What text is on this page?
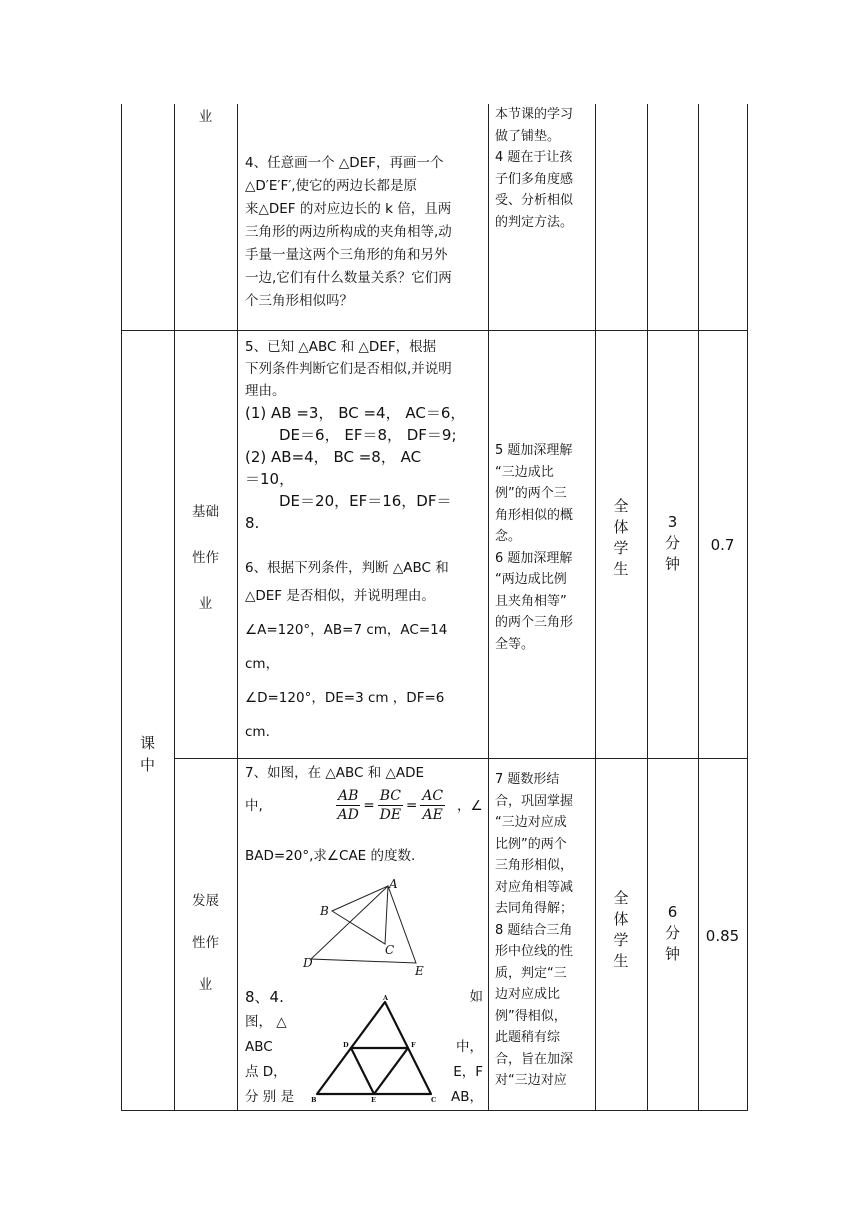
课
中
业
4、任意画一个 △DEF，再画一个
△D′E′F′,使它的两边长都是原
来△DEF 的对应边长的 k 倍，且两
三角形的两边所构成的夹角相等,动
手量一量这两个三角形的角和另外
一边,它们有什么数量关系？它们两
个三角形相似吗？
本节课的学习
做了铺垫。
4 题在于让孩
子们多角度感
受、分析相似
的判定方法。
基础
性作
业
5、已知 △ABC 和 △DEF，根据
下列条件判断它们是否相似,并说明
理由。
(1) AB =3， BC =4， AC＝6，
DE＝6， EF＝8， DF＝9;
(2) AB=4， BC =8， AC
＝10，
DE＝20，EF＝16，DF＝
8.
6、根据下列条件，判断 △ABC 和
△DEF 是否相似，并说明理由。
∠A=120°，AB=7 cm，AC=14
cm，
∠D=120°，DE=3 cm ，DF=6
cm.
5 题加深理解
“三边成比
例”的两个三
角形相似的概
念。
6 题加深理解
“两边成比例
且夹角相等”
的两个三角形
全等。
全
体
学
生
3
分
钟
0.7
发展
性作
业
7、如图，在 △ABC 和 △ADE
中,	$\frac{AB}{AD} = \frac{BC}{DE} = \frac{AC}{AE}$ ，∠
BAD=20°,求∠CAE 的度数.
A
B
C
D
E
8、4.
图， △
ABC
点 D，
分 别 是
如
中，
E，F
AB，
A
B	C
D
E
F
7 题数形结
合，巩固掌握
“三边对应成
比例”的两个
三角形相似，
对应角相等减
去同角得解；
8 题结合三角
形中位线的性
质，判定“三
边对应成比
例”得相似，
此题稍有综
合，旨在加深
对“三边对应
全
体
学
生
6
分
钟
0.85
